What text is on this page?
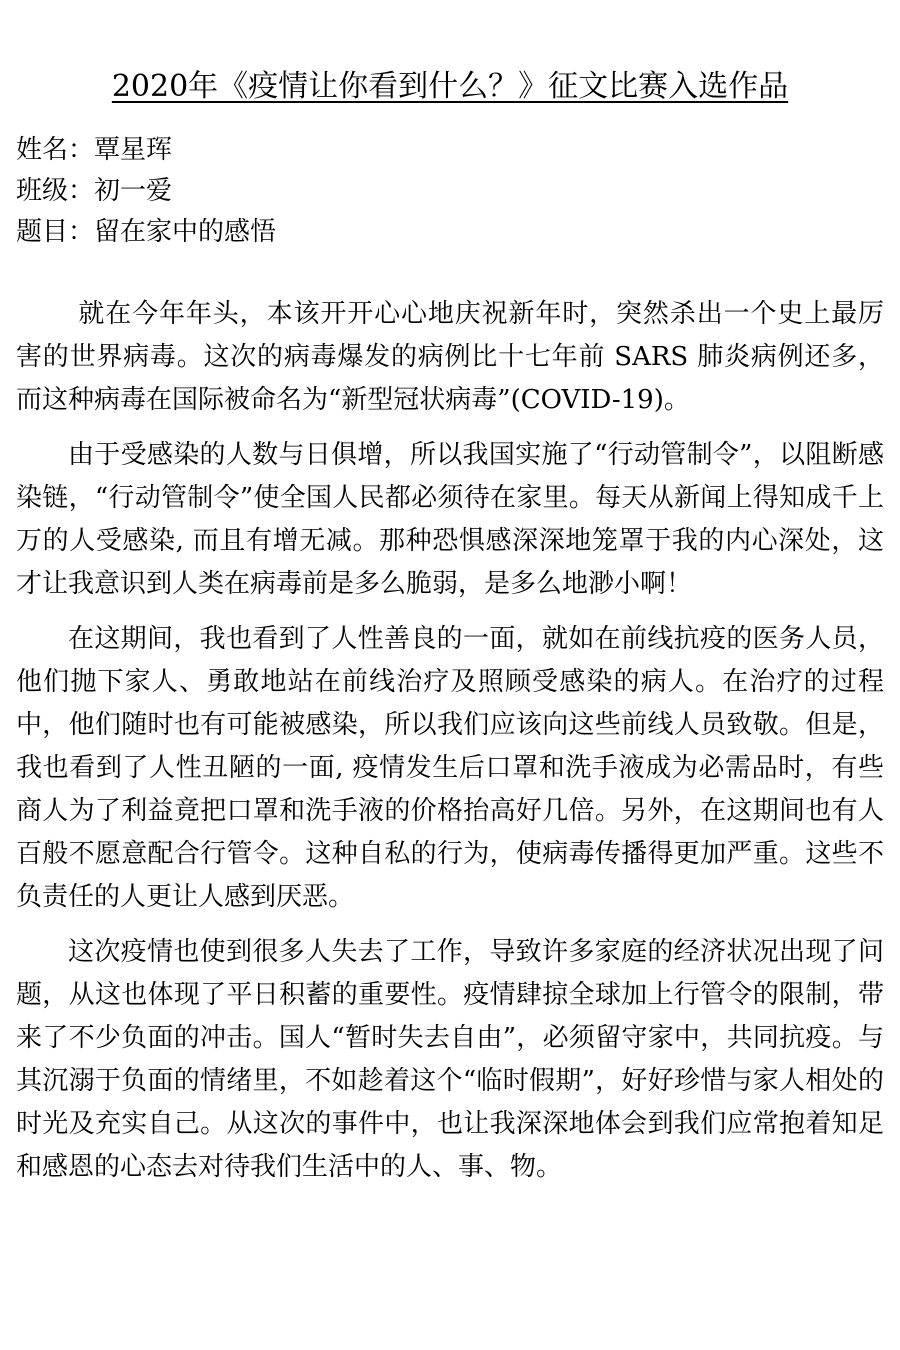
2020年《疫情让你看到什么？》征文比赛入选作品
姓名：覃星珲
班级：初一爱
题目：留在家中的感悟

就在今年年头，本该开开心心地庆祝新年时，突然杀出一个史上最厉害的世界病毒。这次的病毒爆发的病例比十七年前 SARS 肺炎病例还多，而这种病毒在国际被命名为“新型冠状病毒”(COVID-19)。

由于受感染的人数与日俱增，所以我国实施了“行动管制令”，以阻断感染链，“行动管制令”使全国人民都必须待在家里。每天从新闻上得知成千上万的人受感染, 而且有增无减。那种恐惧感深深地笼罩于我的内心深处，这才让我意识到人类在病毒前是多么脆弱，是多么地渺小啊！

在这期间，我也看到了人性善良的一面，就如在前线抗疫的医务人员，他们抛下家人、勇敢地站在前线治疗及照顾受感染的病人。在治疗的过程中，他们随时也有可能被感染，所以我们应该向这些前线人员致敬。但是，我也看到了人性丑陋的一面, 疫情发生后口罩和洗手液成为必需品时，有些商人为了利益竟把口罩和洗手液的价格抬高好几倍。另外，在这期间也有人百般不愿意配合行管令。这种自私的行为，使病毒传播得更加严重。这些不负责任的人更让人感到厌恶。

这次疫情也使到很多人失去了工作，导致许多家庭的经济状况出现了问题，从这也体现了平日积蓄的重要性。疫情肆掠全球加上行管令的限制，带来了不少负面的冲击。国人“暂时失去自由”，必须留守家中，共同抗疫。与其沉溺于负面的情绪里，不如趁着这个“临时假期”，好好珍惜与家人相处的时光及充实自己。从这次的事件中，也让我深深地体会到我们应常抱着知足和感恩的心态去对待我们生活中的人、事、物。
